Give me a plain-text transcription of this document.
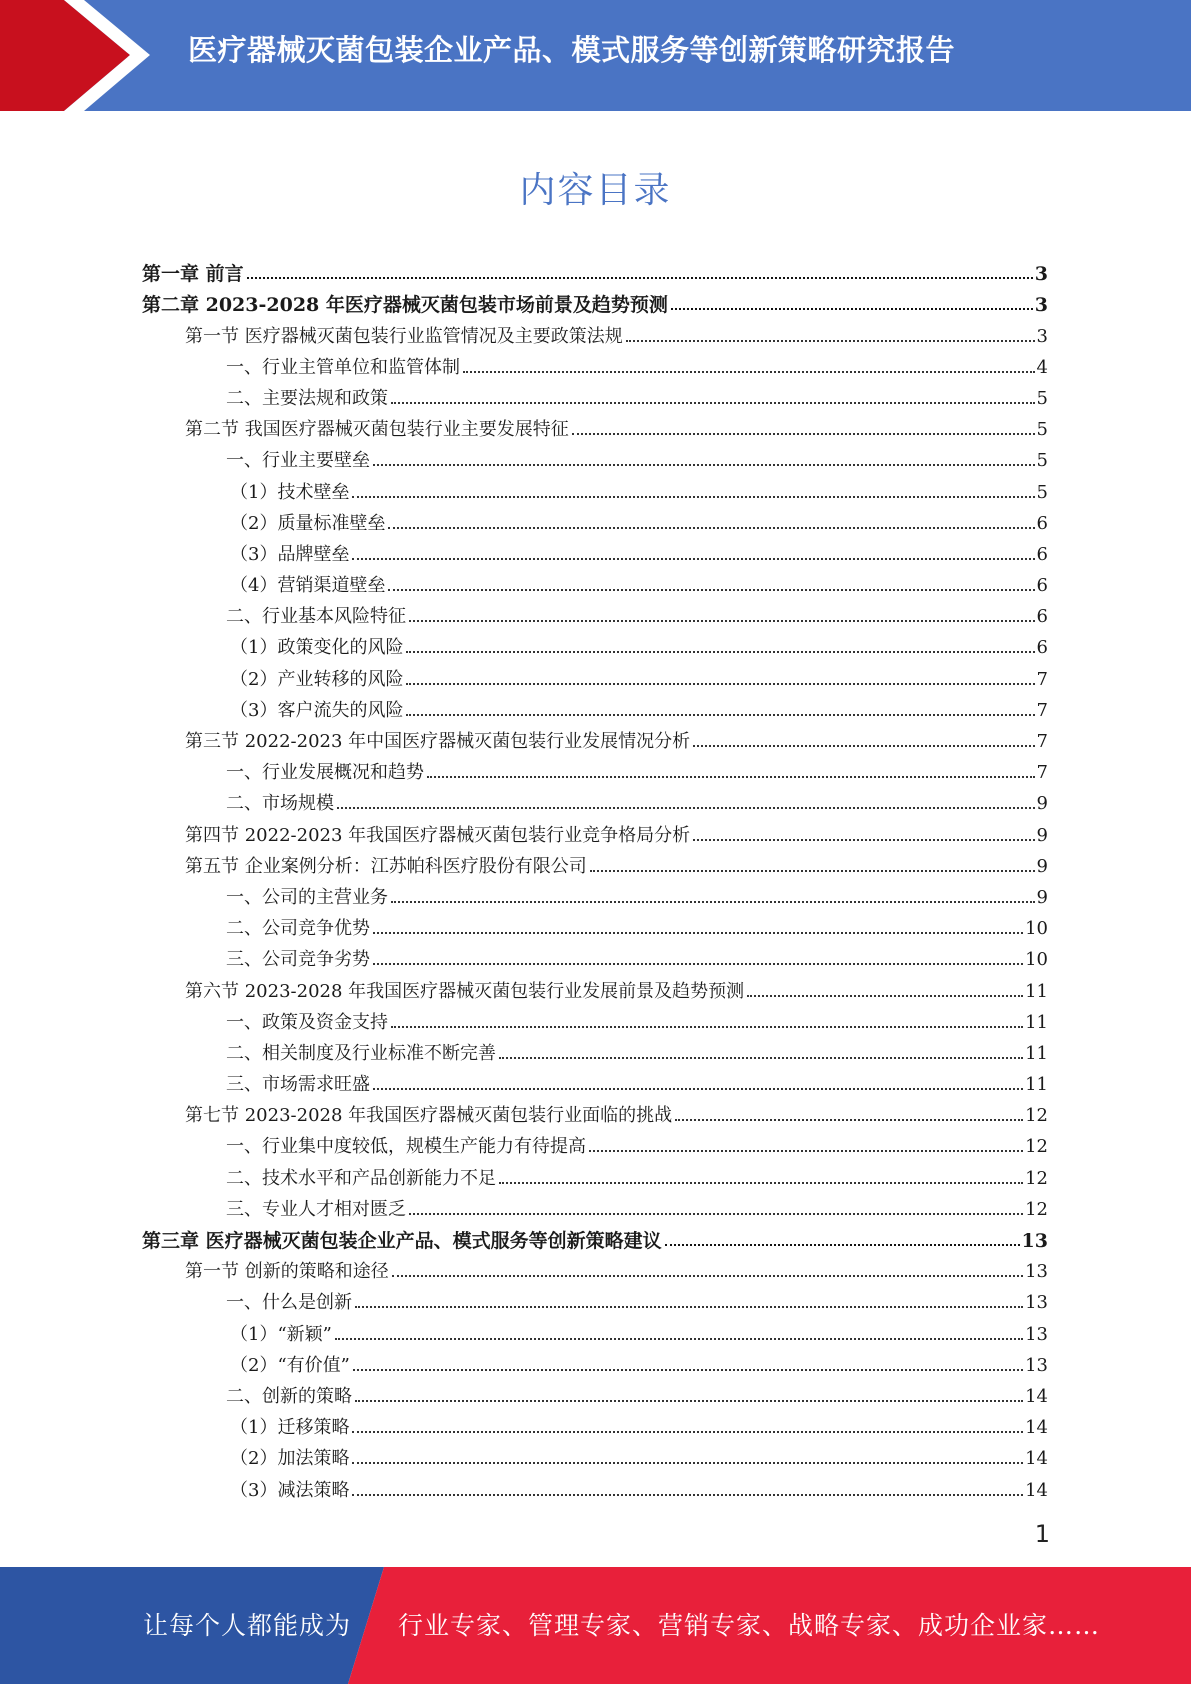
医疗器械灭菌包装企业产品、模式服务等创新策略研究报告
内容目录
第一章 前言	3
第二章 2023-2028 年医疗器械灭菌包装市场前景及趋势预测	3
第一节 医疗器械灭菌包装行业监管情况及主要政策法规	3
一、行业主管单位和监管体制	4
二、主要法规和政策	5
第二节 我国医疗器械灭菌包装行业主要发展特征	5
一、行业主要壁垒	5
（1）技术壁垒	5
（2）质量标准壁垒	6
（3）品牌壁垒	6
（4）营销渠道壁垒	6
二、行业基本风险特征	6
（1）政策变化的风险	6
（2）产业转移的风险	7
（3）客户流失的风险	7
第三节 2022-2023 年中国医疗器械灭菌包装行业发展情况分析	7
一、行业发展概况和趋势	7
二、市场规模	9
第四节 2022-2023 年我国医疗器械灭菌包装行业竞争格局分析	9
第五节 企业案例分析：江苏帕科医疗股份有限公司	9
一、公司的主营业务	9
二、公司竞争优势	10
三、公司竞争劣势	10
第六节 2023-2028 年我国医疗器械灭菌包装行业发展前景及趋势预测	11
一、政策及资金支持	11
二、相关制度及行业标准不断完善	11
三、市场需求旺盛	11
第七节 2023-2028 年我国医疗器械灭菌包装行业面临的挑战	12
一、行业集中度较低，规模生产能力有待提高	12
二、技术水平和产品创新能力不足	12
三、专业人才相对匮乏	12
第三章 医疗器械灭菌包装企业产品、模式服务等创新策略建议	13
第一节 创新的策略和途径	13
一、什么是创新	13
（1）“新颖”	13
（2）“有价值”	13
二、创新的策略	14
（1）迁移策略	14
（2）加法策略	14
（3）减法策略	14
1
让每个人都能成为 行业专家、管理专家、营销专家、战略专家、成功企业家……
